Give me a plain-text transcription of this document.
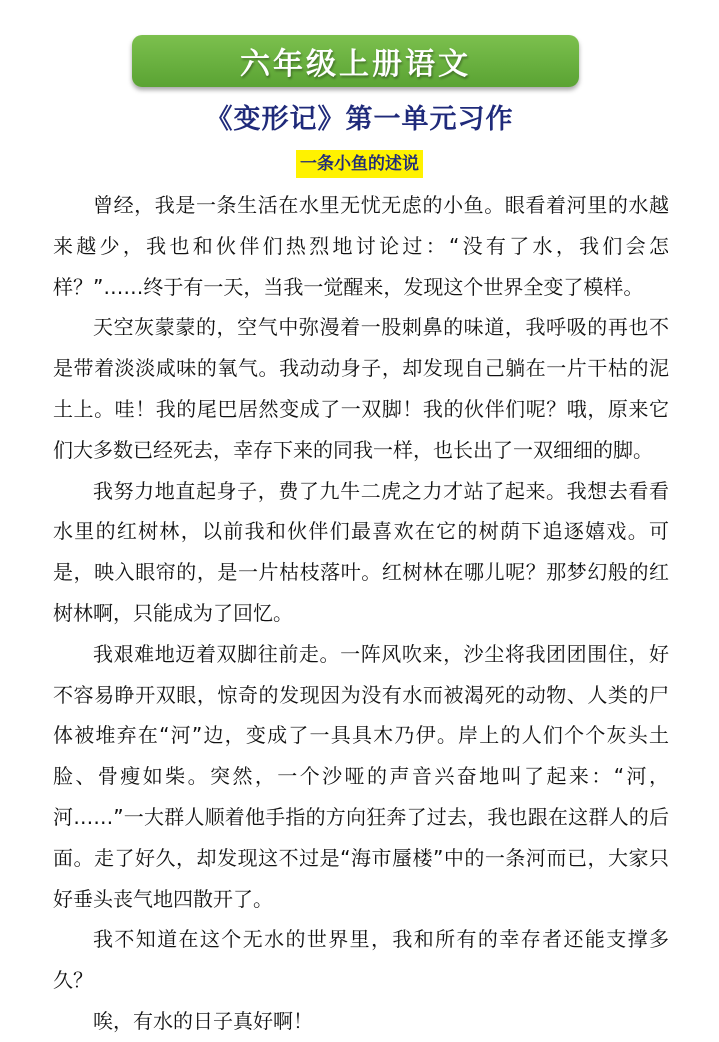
六年级上册语文
《变形记》第一单元习作
一条小鱼的述说

曾经，我是一条生活在水里无忧无虑的小鱼。眼看着河里的水越来越少，我也和伙伴们热烈地讨论过：“没有了水，我们会怎样？”……终于有一天，当我一觉醒来，发现这个世界全变了模样。

天空灰蒙蒙的，空气中弥漫着一股刺鼻的味道，我呼吸的再也不是带着淡淡咸味的氧气。我动动身子，却发现自己躺在一片干枯的泥土上。哇！我的尾巴居然变成了一双脚！我的伙伴们呢？哦，原来它们大多数已经死去，幸存下来的同我一样，也长出了一双细细的脚。

我努力地直起身子，费了九牛二虎之力才站了起来。我想去看看水里的红树林，以前我和伙伴们最喜欢在它的树荫下追逐嬉戏。可是，映入眼帘的，是一片枯枝落叶。红树林在哪儿呢？那梦幻般的红树林啊，只能成为了回忆。

我艰难地迈着双脚往前走。一阵风吹来，沙尘将我团团围住，好不容易睁开双眼，惊奇的发现因为没有水而被渴死的动物、人类的尸体被堆弃在“河”边，变成了一具具木乃伊。岸上的人们个个灰头土脸、骨瘦如柴。突然，一个沙哑的声音兴奋地叫了起来：“河，河……”一大群人顺着他手指的方向狂奔了过去，我也跟在这群人的后面。走了好久，却发现这不过是“海市蜃楼”中的一条河而已，大家只好垂头丧气地四散开了。

我不知道在这个无水的世界里，我和所有的幸存者还能支撑多久？

唉，有水的日子真好啊！
